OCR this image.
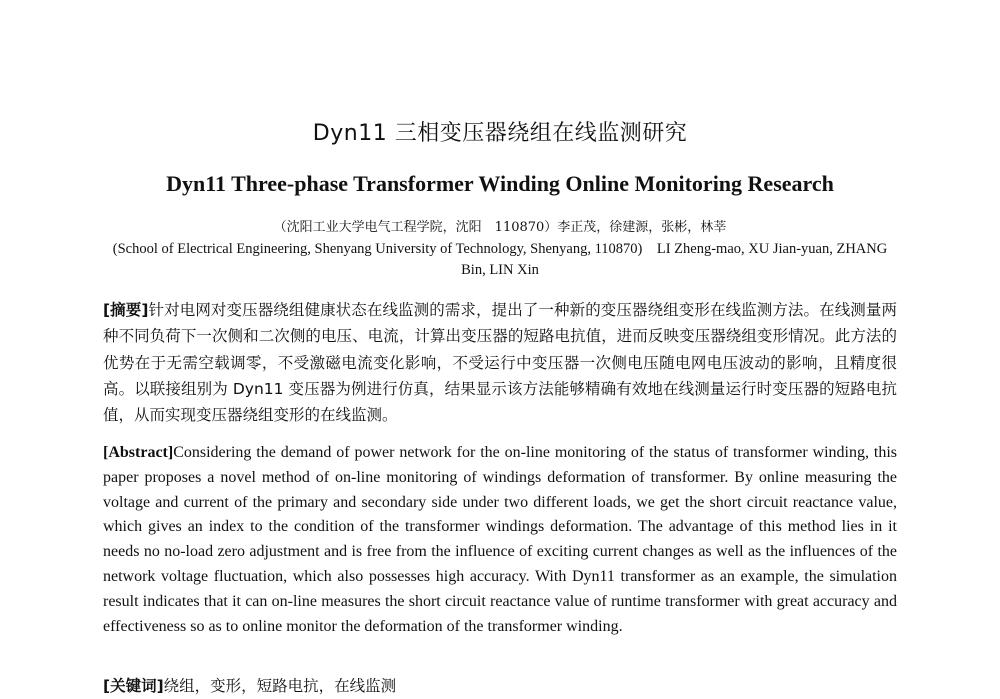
Dyn11 三相变压器绕组在线监测研究
Dyn11 Three-phase Transformer Winding Online Monitoring Research
（沈阳工业大学电气工程学院，沈阳　110870）李正茂，徐建源，张彬，林莘
(School of Electrical Engineering, Shenyang University of Technology, Shenyang, 110870)　LI Zheng-mao, XU Jian-yuan, ZHANG Bin, LIN Xin
[摘要]针对电网对变压器绕组健康状态在线监测的需求，提出了一种新的变压器绕组变形在线监测方法。在线测量两种不同负荷下一次侧和二次侧的电压、电流，计算出变压器的短路电抗值，进而反映变压器绕组变形情况。此方法的优势在于无需空载调零，不受激磁电流变化影响，不受运行中变压器一次侧电压随电网电压波动的影响，且精度很高。以联接组别为 Dyn11 变压器为例进行仿真，结果显示该方法能够精确有效地在线测量运行时变压器的短路电抗值，从而实现变压器绕组变形的在线监测。
[Abstract]Considering the demand of power network for the on-line monitoring of the status of transformer winding, this paper proposes a novel method of on-line monitoring of windings deformation of transformer. By online measuring the voltage and current of the primary and secondary side under two different loads, we get the short circuit reactance value, which gives an index to the condition of the transformer windings deformation. The advantage of this method lies in it needs no no-load zero adjustment and is free from the influence of exciting current changes as well as the influences of the network voltage fluctuation, which also possesses high accuracy. With Dyn11 transformer as an example, the simulation result indicates that it can on-line measures the short circuit reactance value of runtime transformer with great accuracy and effectiveness so as to online monitor the deformation of the transformer winding.
[关键词]绕组，变形，短路电抗，在线监测
